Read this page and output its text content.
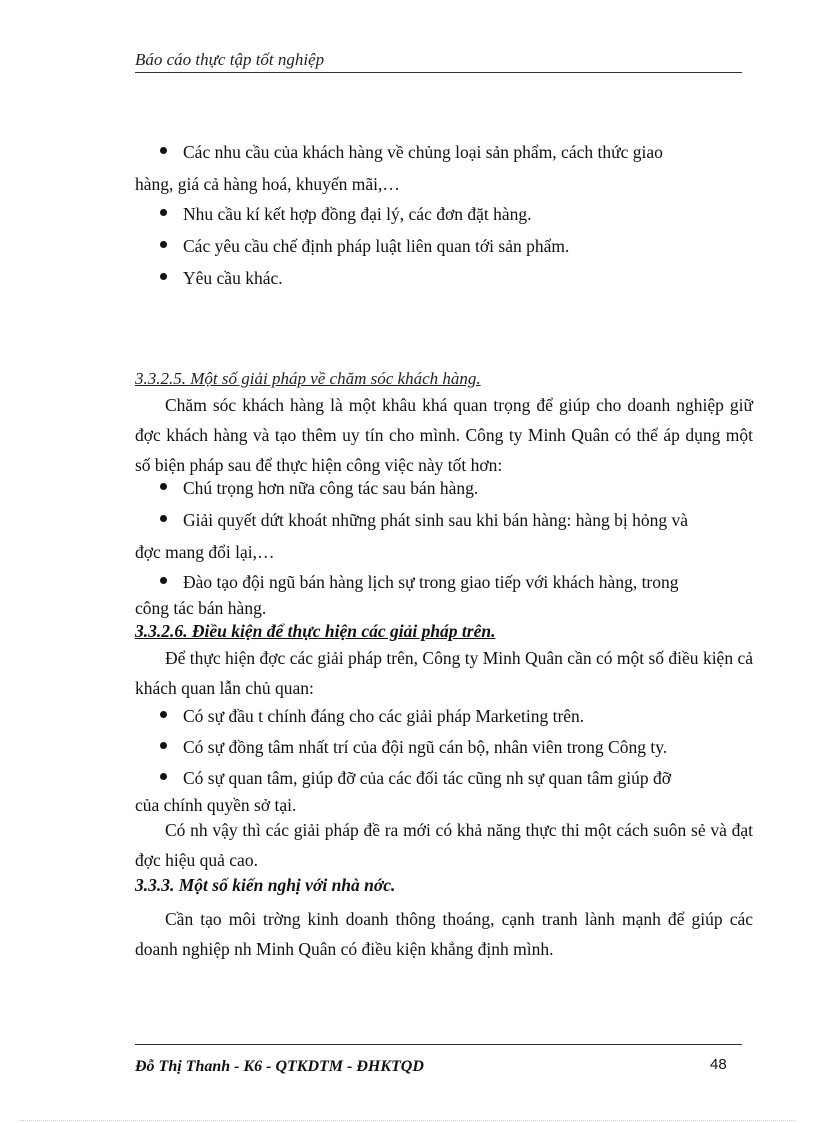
Báo cáo thực tập tốt nghiệp
Các nhu cầu của khách hàng về chủng loại sản phẩm, cách thức giao
hàng, giá cả hàng hoá, khuyến mãi,…
Nhu cầu kí kết hợp đồng đại lý, các đơn đặt hàng.
Các yêu cầu chế định pháp luật liên quan tới sản phẩm.
Yêu cầu khác.
3.3.2.5. Một số giải pháp về chăm sóc khách hàng.
Chăm sóc khách hàng là một khâu khá quan trọng để giúp cho doanh nghiệp giữ đợc khách hàng và tạo thêm uy tín cho mình. Công ty Minh Quân có thể áp dụng một số biện pháp sau để thực hiện công việc này tốt hơn:
Chú trọng hơn nữa công tác sau bán hàng.
Giải quyết dứt khoát những phát sinh sau khi bán hàng: hàng bị hỏng và
đợc mang đổi lại,…
Đào tạo đội ngũ bán hàng lịch sự trong giao tiếp với khách hàng, trong
công tác bán hàng.
3.3.2.6. Điều kiện để thực hiện các giải pháp trên.
Để thực hiện đợc các giải pháp trên, Công ty Minh Quân cần có một số điều kiện cả khách quan lẫn chủ quan:
Có sự đầu t chính đáng cho các giải pháp Marketing trên.
Có sự đồng tâm nhất trí của đội ngũ cán bộ, nhân viên trong Công ty.
Có sự quan tâm, giúp đỡ của các đối tác cũng nh sự quan tâm giúp đỡ
của chính quyền sở tại.
Có nh vậy thì các giải pháp đề ra mới có khả năng thực thi một cách suôn sẻ và đạt đợc hiệu quả cao.
3.3.3. Một số kiến nghị với nhà nớc.
Cần tạo môi trờng kinh doanh thông thoáng, cạnh tranh lành mạnh để giúp các doanh nghiệp nh Minh Quân có điều kiện khẳng định mình.
Đỗ Thị Thanh - K6 - QTKDTM - ĐHKTQD	48
